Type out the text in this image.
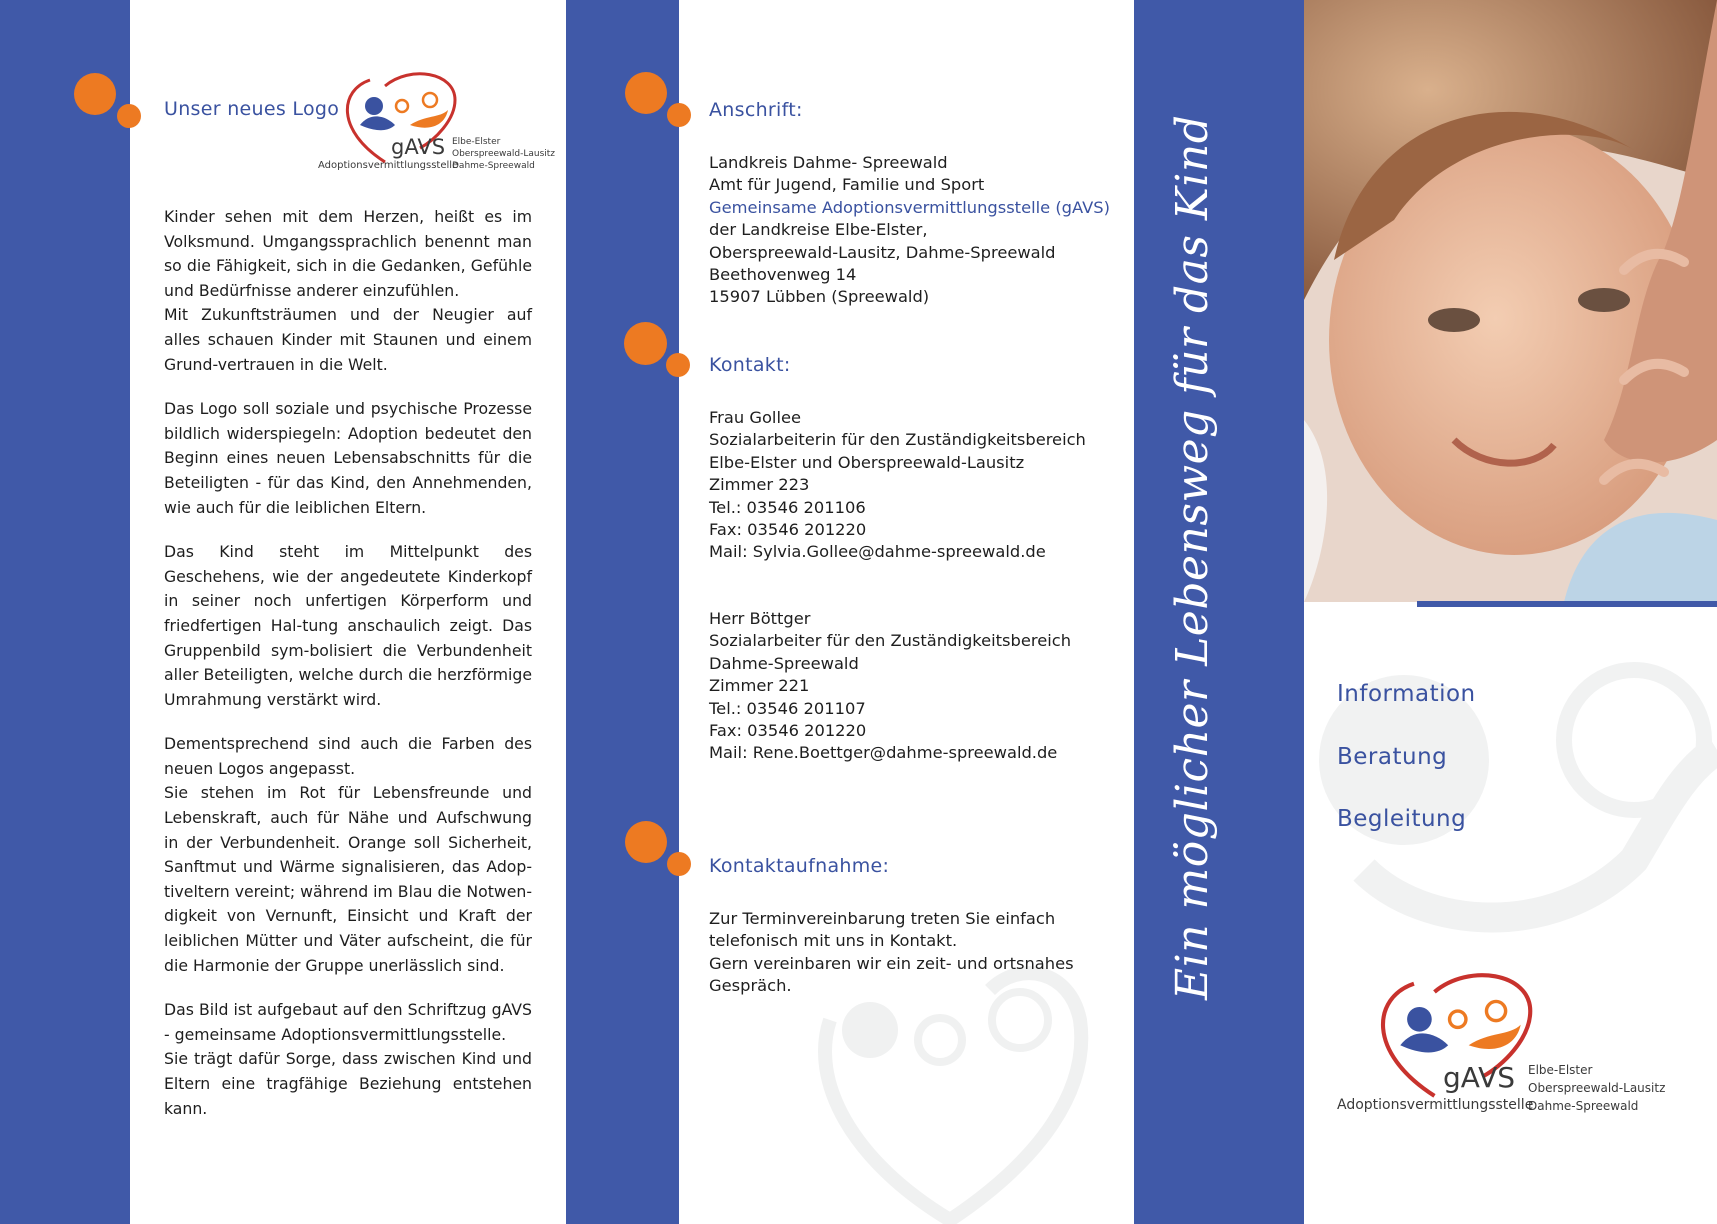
Unser neues Logo
gAVS
Adoptionsvermittlungsstelle
Elbe-Elster
Oberspreewald-Lausitz
Dahme-Spreewald

Kinder sehen mit dem Herzen, heißt es im Volksmund. Umgangssprachlich benennt man so die Fähigkeit, sich in die Gedanken, Gefühle und Bedürfnisse anderer einzufühlen.

Mit Zukunftsträumen und der Neugier auf alles schauen Kinder mit Staunen und einem Grund-vertrauen in die Welt.

Das Logo soll soziale und psychische Prozesse bildlich widerspiegeln: Adoption bedeutet den Beginn eines neuen Lebensabschnitts für die Beteiligten - für das Kind, den Annehmenden, wie auch für die leiblichen Eltern.

Das Kind steht im Mittelpunkt des Geschehens, wie der angedeutete Kinderkopf in seiner noch unfertigen Körperform und friedfertigen Hal-tung anschaulich zeigt. Das Gruppenbild sym-bolisiert die Verbundenheit aller Beteiligten, welche durch die herzförmige Umrahmung verstärkt wird.

Dementsprechend sind auch die Farben des neuen Logos angepasst.

Sie stehen im Rot für Lebensfreunde und Lebenskraft, auch für Nähe und Aufschwung in der Verbundenheit. Orange soll Sicherheit, Sanftmut und Wärme signalisieren, das Adop-tiveltern vereint; während im Blau die Notwen-digkeit von Vernunft, Einsicht und Kraft der leiblichen Mütter und Väter aufscheint, die für die Harmonie der Gruppe unerlässlich sind.

Das Bild ist aufgebaut auf den Schriftzug gAVS - gemeinsame Adoptionsvermittlungsstelle.

Sie trägt dafür Sorge, dass zwischen Kind und Eltern eine tragfähige Beziehung entstehen kann.

Anschrift:
Landkreis Dahme- Spreewald
Amt für Jugend, Familie und Sport
Gemeinsame Adoptionsvermittlungsstelle (gAVS)
der Landkreise Elbe-Elster,
Oberspreewald-Lausitz, Dahme-Spreewald
Beethovenweg 14
15907 Lübben (Spreewald)
Kontakt:
Frau Gollee
Sozialarbeiterin für den Zuständigkeitsbereich
Elbe-Elster und Oberspreewald-Lausitz
Zimmer 223
Tel.: 03546 201106
Fax: 03546 201220
Mail: Sylvia.Gollee@dahme-spreewald.de
Herr Böttger
Sozialarbeiter für den Zuständigkeitsbereich
Dahme-Spreewald
Zimmer 221
Tel.: 03546 201107
Fax: 03546 201220
Mail: Rene.Boettger@dahme-spreewald.de
Kontaktaufnahme:
Zur Terminvereinbarung treten Sie einfach
telefonisch mit uns in Kontakt.
Gern vereinbaren wir ein zeit- und ortsnahes
Gespräch.	Ein möglicher Lebensweg für das Kind	Information
Beratung
Begleitung
gAVS
Adoptionsvermittlungsstelle
Elbe-Elster
Oberspreewald-Lausitz
Dahme-Spreewald
